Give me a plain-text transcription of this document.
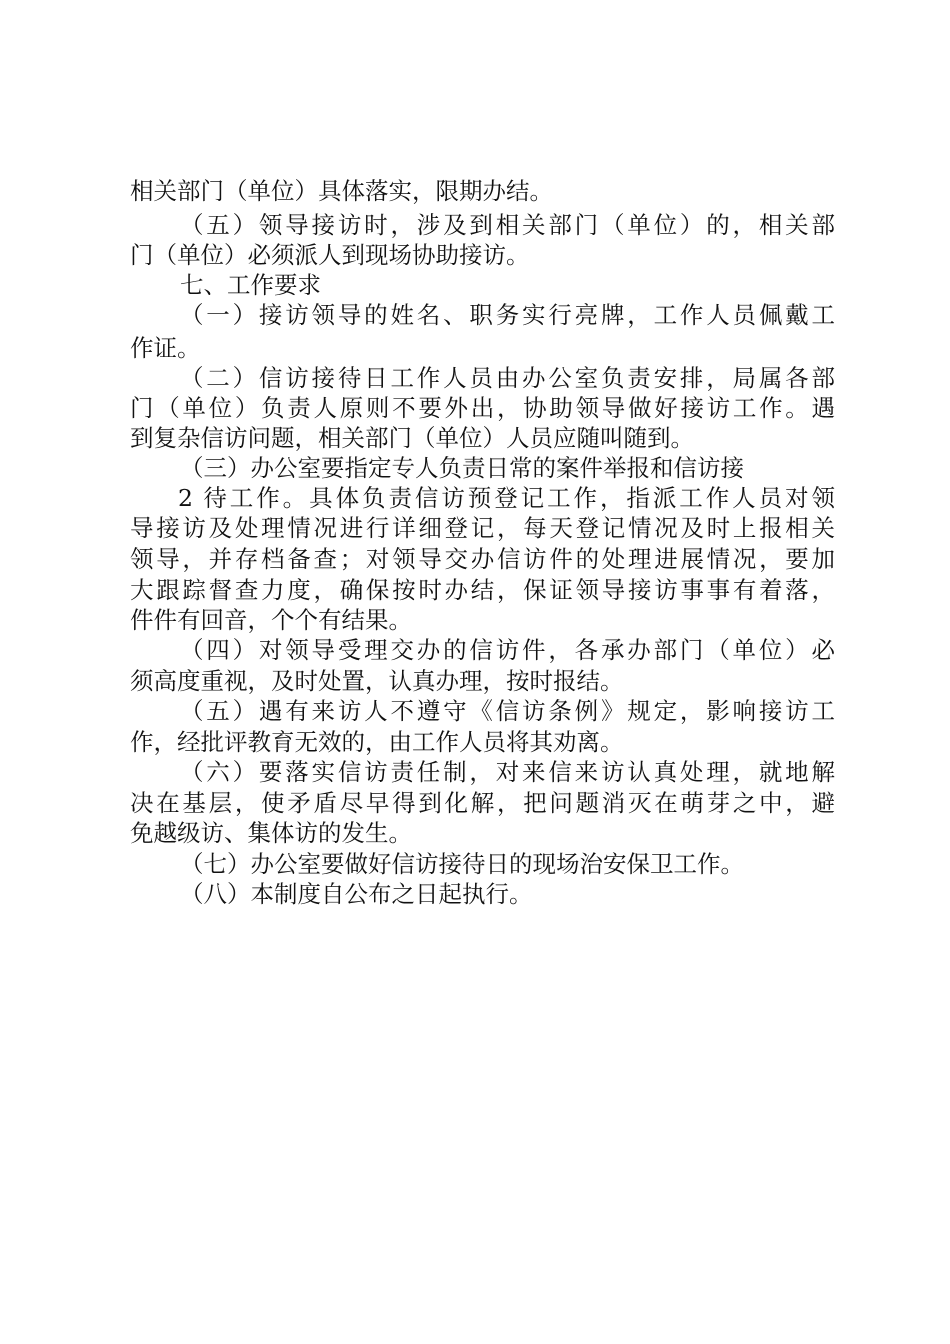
相关部门（单位）具体落实，限期办结。
（五）领导接访时，涉及到相关部门（单位）的，相关部
门（单位）必须派人到现场协助接访。
七、工作要求
（一）接访领导的姓名、职务实行亮牌，工作人员佩戴工
作证。
（二）信访接待日工作人员由办公室负责安排，局属各部
门（单位）负责人原则不要外出，协助领导做好接访工作。遇
到复杂信访问题，相关部门（单位）人员应随叫随到。
（三）办公室要指定专人负责日常的案件举报和信访接
2 待工作。具体负责信访预登记工作，指派工作人员对领
导接访及处理情况进行详细登记，每天登记情况及时上报相关
领导，并存档备查；对领导交办信访件的处理进展情况，要加
大跟踪督查力度，确保按时办结，保证领导接访事事有着落，
件件有回音，个个有结果。
（四）对领导受理交办的信访件，各承办部门（单位）必
须高度重视，及时处置，认真办理，按时报结。
（五）遇有来访人不遵守《信访条例》规定，影响接访工
作，经批评教育无效的，由工作人员将其劝离。
（六）要落实信访责任制，对来信来访认真处理，就地解
决在基层，使矛盾尽早得到化解，把问题消灭在萌芽之中，避
免越级访、集体访的发生。
（七）办公室要做好信访接待日的现场治安保卫工作。
（八）本制度自公布之日起执行。
